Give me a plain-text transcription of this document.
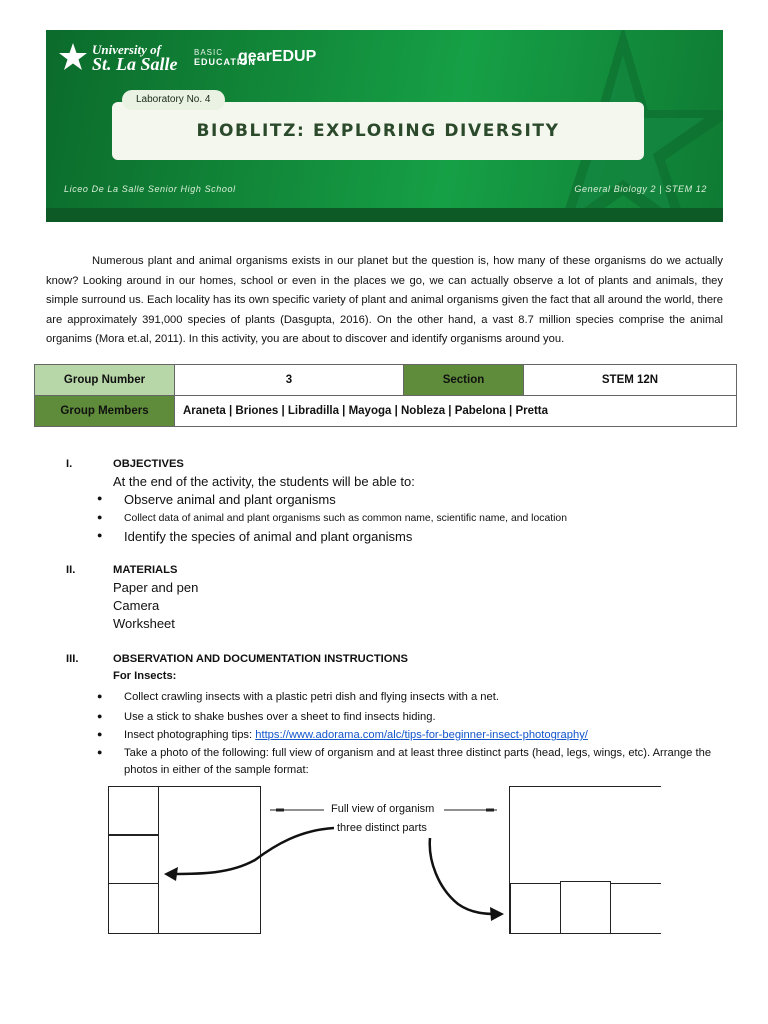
University of
St. La Salle
BASIC
EDUCATION
gearEDUP
Laboratory No. 4
BIOBLITZ: EXPLORING DIVERSITY
Liceo De La Salle Senior High School	General Biology 2 | STEM 12
Numerous plant and animal organisms exists in our planet but the question is, how many of these organisms do we actually know? Looking around in our homes, school or even in the places we go, we can actually observe a lot of plants and animals, they simple surround us. Each locality has its own specific variety of plant and animal organisms given the fact that all around the world, there are approximately 391,000 species of plants (Dasgupta, 2016). On the other hand, a vast 8.7 million species comprise the animal organims (Mora et.al, 2011). In this activity, you are about to discover and identify organisms around you.
Group Number	3	Section	STEM 12N
Group Members	Araneta | Briones | Libradilla | Mayoga | Nobleza | Pabelona | Pretta		
I.	OBJECTIVES
At the end of the activity, the students will be able to:
●	Observe animal and plant organisms
●	Collect data of animal and plant organisms such as common name, scientific name, and location
●	Identify the species of animal and plant organisms
II.	MATERIALS
Paper and pen
Camera
Worksheet
III.	OBSERVATION AND DOCUMENTATION INSTRUCTIONS
For Insects:
●	Collect crawling insects with a plastic petri dish and flying insects with a net.
●	Use a stick to shake bushes over a sheet to find insects hiding.
●	Insect photographing tips: https://www.adorama.com/alc/tips-for-beginner-insect-photography/
●	Take a photo of the following: full view of organism and at least three distinct parts (head, legs, wings, etc). Arrange the
photos in either of the sample format:
Full view of organism
three distinct parts
